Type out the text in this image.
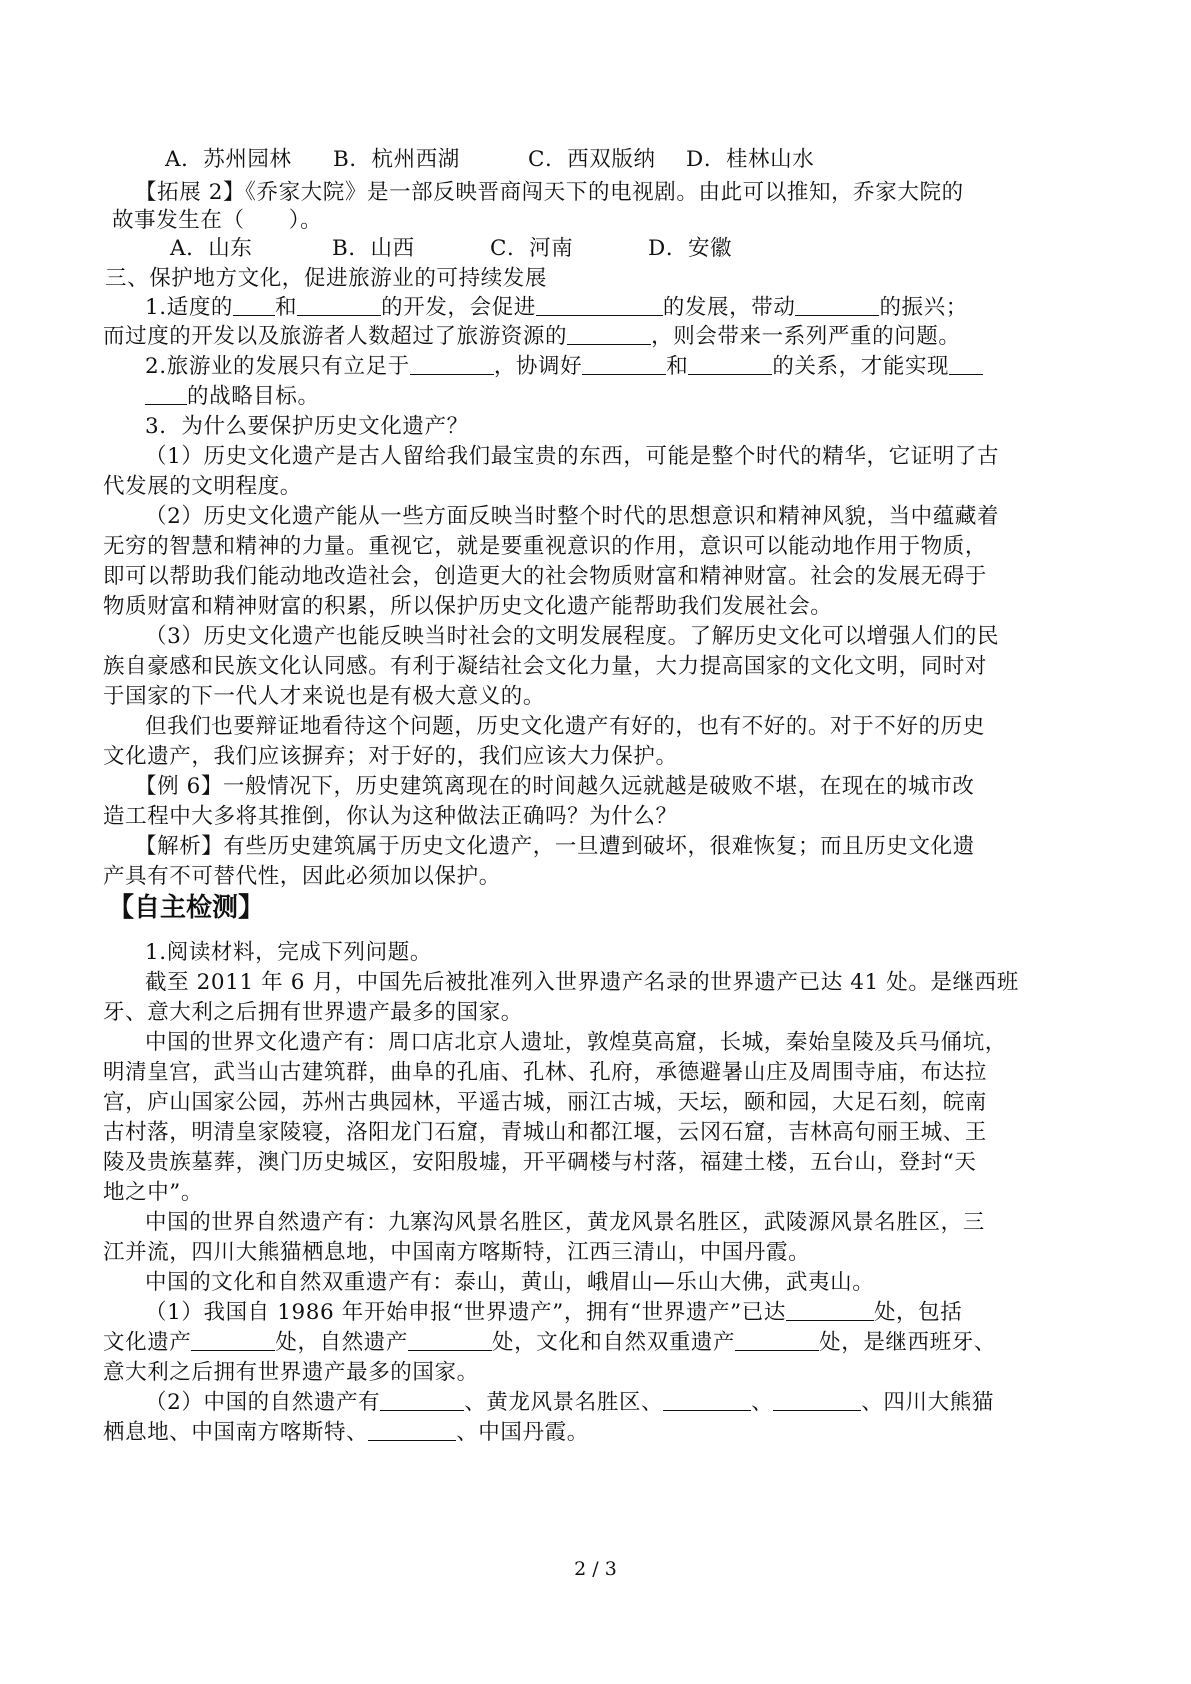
A．苏州园林 B．杭州西湖	C．西双版纳 D．桂林山水
【拓展 2】《乔家大院》是一部反映晋商闯天下的电视剧。由此可以推知，乔家大院的
故事发生在（　　）。
A．山东	B．山西	C．河南	D．安徽
三、保护地方文化，促进旅游业的可持续发展
1.适度的 和	的开发，会促进	的发展，带动	的振兴；
而过度的开发以及旅游者人数超过了旅游资源的	，则会带来一系列严重的问题。
2.旅游业的发展只有立足于	，协调好	和	的关系，才能实现
的战略目标。
3．为什么要保护历史文化遗产？
（1）历史文化遗产是古人留给我们最宝贵的东西，可能是整个时代的精华，它证明了古
代发展的文明程度。
（2）历史文化遗产能从一些方面反映当时整个时代的思想意识和精神风貌，当中蕴藏着
无穷的智慧和精神的力量。重视它，就是要重视意识的作用，意识可以能动地作用于物质，
即可以帮助我们能动地改造社会，创造更大的社会物质财富和精神财富。社会的发展无碍于
物质财富和精神财富的积累，所以保护历史文化遗产能帮助我们发展社会。
（3）历史文化遗产也能反映当时社会的文明发展程度。了解历史文化可以增强人们的民
族自豪感和民族文化认同感。有利于凝结社会文化力量，大力提高国家的文化文明，同时对
于国家的下一代人才来说也是有极大意义的。
但我们也要辩证地看待这个问题，历史文化遗产有好的，也有不好的。对于不好的历史
文化遗产，我们应该摒弃；对于好的，我们应该大力保护。
【例 6】一般情况下，历史建筑离现在的时间越久远就越是破败不堪，在现在的城市改
造工程中大多将其推倒，你认为这种做法正确吗？为什么？
【解析】有些历史建筑属于历史文化遗产，一旦遭到破坏，很难恢复；而且历史文化遗
产具有不可替代性，因此必须加以保护。
【自主检测】
1.阅读材料，完成下列问题。
截至 2011 年 6 月，中国先后被批准列入世界遗产名录的世界遗产已达 41 处。是继西班
牙、意大利之后拥有世界遗产最多的国家。
中国的世界文化遗产有：周口店北京人遗址，敦煌莫高窟，长城，秦始皇陵及兵马俑坑，
明清皇宫，武当山古建筑群，曲阜的孔庙、孔林、孔府，承德避暑山庄及周围寺庙，布达拉
宫，庐山国家公园，苏州古典园林，平遥古城，丽江古城，天坛，颐和园，大足石刻，皖南
古村落，明清皇家陵寝，洛阳龙门石窟，青城山和都江堰，云冈石窟，吉林高句丽王城、王
陵及贵族墓葬，澳门历史城区，安阳殷墟，开平碉楼与村落，福建土楼，五台山，登封“天
地之中”。
中国的世界自然遗产有：九寨沟风景名胜区，黄龙风景名胜区，武陵源风景名胜区，三
江并流，四川大熊猫栖息地，中国南方喀斯特，江西三清山，中国丹霞。
中国的文化和自然双重遗产有：泰山，黄山，峨眉山—乐山大佛，武夷山。
（1）我国自 1986 年开始申报“世界遗产”，拥有“世界遗产”已达	处，包括
文化遗产	处，自然遗产	处，文化和自然双重遗产	处，是继西班牙、
意大利之后拥有世界遗产最多的国家。
（2）中国的自然遗产有	、黄龙风景名胜区、	、	、四川大熊猫
栖息地、中国南方喀斯特、	、中国丹霞。
2 / 3
